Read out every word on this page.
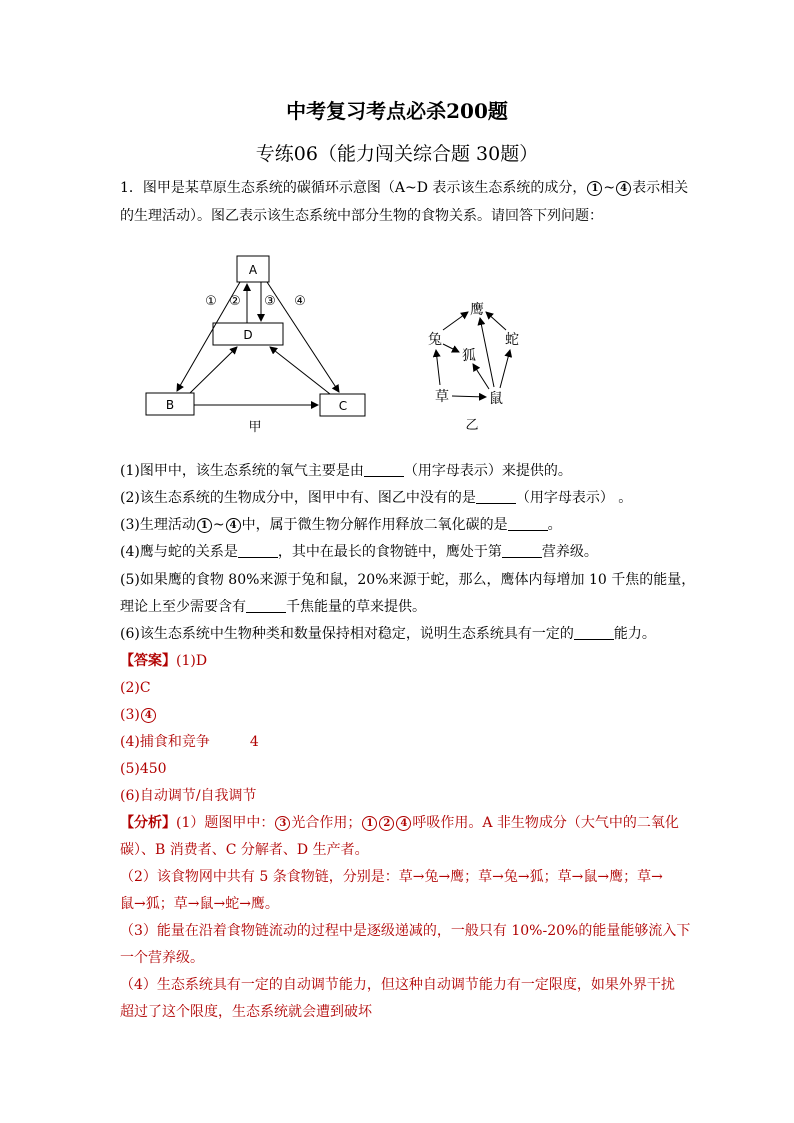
中考复习考点必杀200题
专练06（能力闯关综合题 30题）
1．图甲是某草原生态系统的碳循环示意图（A~D 表示该生态系统的成分， 1 ~ 4 表示相关
的生理活动）。图乙表示该生态系统中部分生物的食物关系。请回答下列问题：
A
D
B	C
① ② ③ ④
甲
鹰
兔	蛇
狐
草	鼠
乙
(1)图甲中，该生态系统的氧气主要是由	（用字母表示）来提供的。
(2)该生态系统的生物成分中，图甲中有、图乙中没有的是	（用字母表示） 。
(3)生理活动 1 ~ 4 中，属于微生物分解作用释放二氧化碳的是	。
(4)鹰与蛇的关系是	，其中在最长的食物链中，鹰处于第	营养级。
(5)如果鹰的食物 80%来源于兔和鼠，20%来源于蛇，那么，鹰体内每增加 10 千焦的能量，
理论上至少需要含有	千焦能量的草来提供。
(6)该生态系统中生物种类和数量保持相对稳定，说明生态系统具有一定的	能力。
【答案】(1)D
(2)C
(3) 4
(4)捕食和竞争	4
(5)450
(6)自动调节/自我调节
【分析】(1）题图甲中： 3 光合作用； 1 2 4 呼吸作用。A 非生物成分（大气中的二氧化
碳）、B 消费者、C 分解者、D 生产者。
（2）该食物网中共有 5 条食物链，分别是：草→兔→鹰；草→兔→狐；草→鼠→鹰；草→
鼠→狐；草→鼠→蛇→鹰。
（3）能量在沿着食物链流动的过程中是逐级递减的，一般只有 10%-20%的能量能够流入下
一个营养级。
（4）生态系统具有一定的自动调节能力，但这种自动调节能力有一定限度，如果外界干扰
超过了这个限度，生态系统就会遭到破坏
